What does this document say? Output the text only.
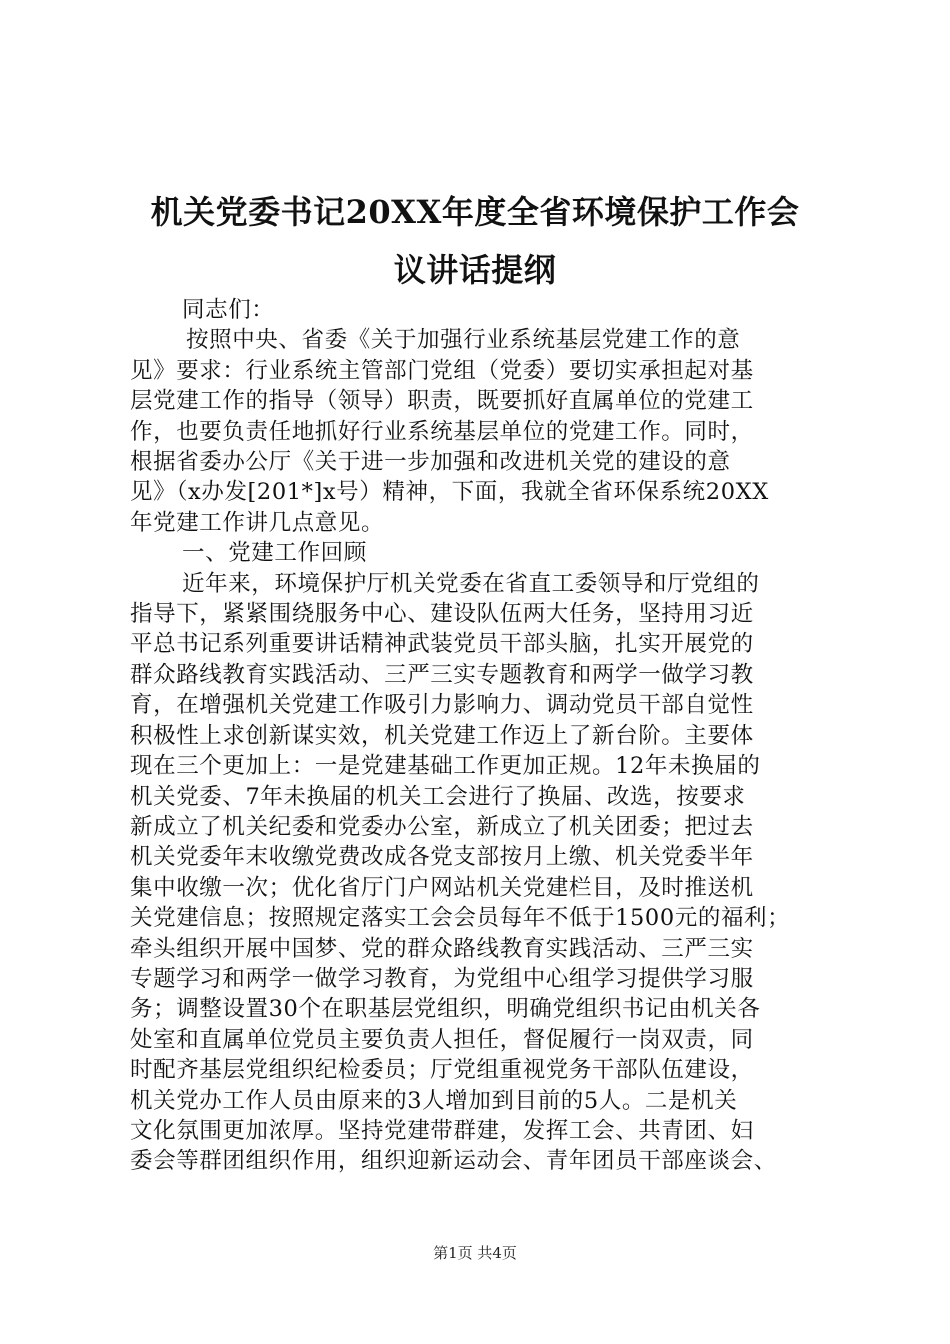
机关党委书记20XX年度全省环境保护工作会
议讲话提纲
同志们：
按照中央、省委《关于加强行业系统基层党建工作的意
见》要求：行业系统主管部门党组（党委）要切实承担起对基
层党建工作的指导（领导）职责，既要抓好直属单位的党建工
作，也要负责任地抓好行业系统基层单位的党建工作。同时，
根据省委办公厅《关于进一步加强和改进机关党的建设的意
见》（x办发[201*]x号）精神，下面，我就全省环保系统20XX
年党建工作讲几点意见。
一、党建工作回顾
近年来，环境保护厅机关党委在省直工委领导和厅党组的
指导下，紧紧围绕服务中心、建设队伍两大任务，坚持用习近
平总书记系列重要讲话精神武装党员干部头脑，扎实开展党的
群众路线教育实践活动、三严三实专题教育和两学一做学习教
育，在增强机关党建工作吸引力影响力、调动党员干部自觉性
积极性上求创新谋实效，机关党建工作迈上了新台阶。主要体
现在三个更加上：一是党建基础工作更加正规。12年未换届的
机关党委、7年未换届的机关工会进行了换届、改选，按要求
新成立了机关纪委和党委办公室，新成立了机关团委；把过去
机关党委年末收缴党费改成各党支部按月上缴、机关党委半年
集中收缴一次；优化省厅门户网站机关党建栏目，及时推送机
关党建信息；按照规定落实工会会员每年不低于1500元的福利；
牵头组织开展中国梦、党的群众路线教育实践活动、三严三实
专题学习和两学一做学习教育，为党组中心组学习提供学习服
务；调整设置30个在职基层党组织，明确党组织书记由机关各
处室和直属单位党员主要负责人担任，督促履行一岗双责，同
时配齐基层党组织纪检委员；厅党组重视党务干部队伍建设，
机关党办工作人员由原来的3人增加到目前的5人。二是机关
文化氛围更加浓厚。坚持党建带群建，发挥工会、共青团、妇
委会等群团组织作用，组织迎新运动会、青年团员干部座谈会、
第1页 共4页
